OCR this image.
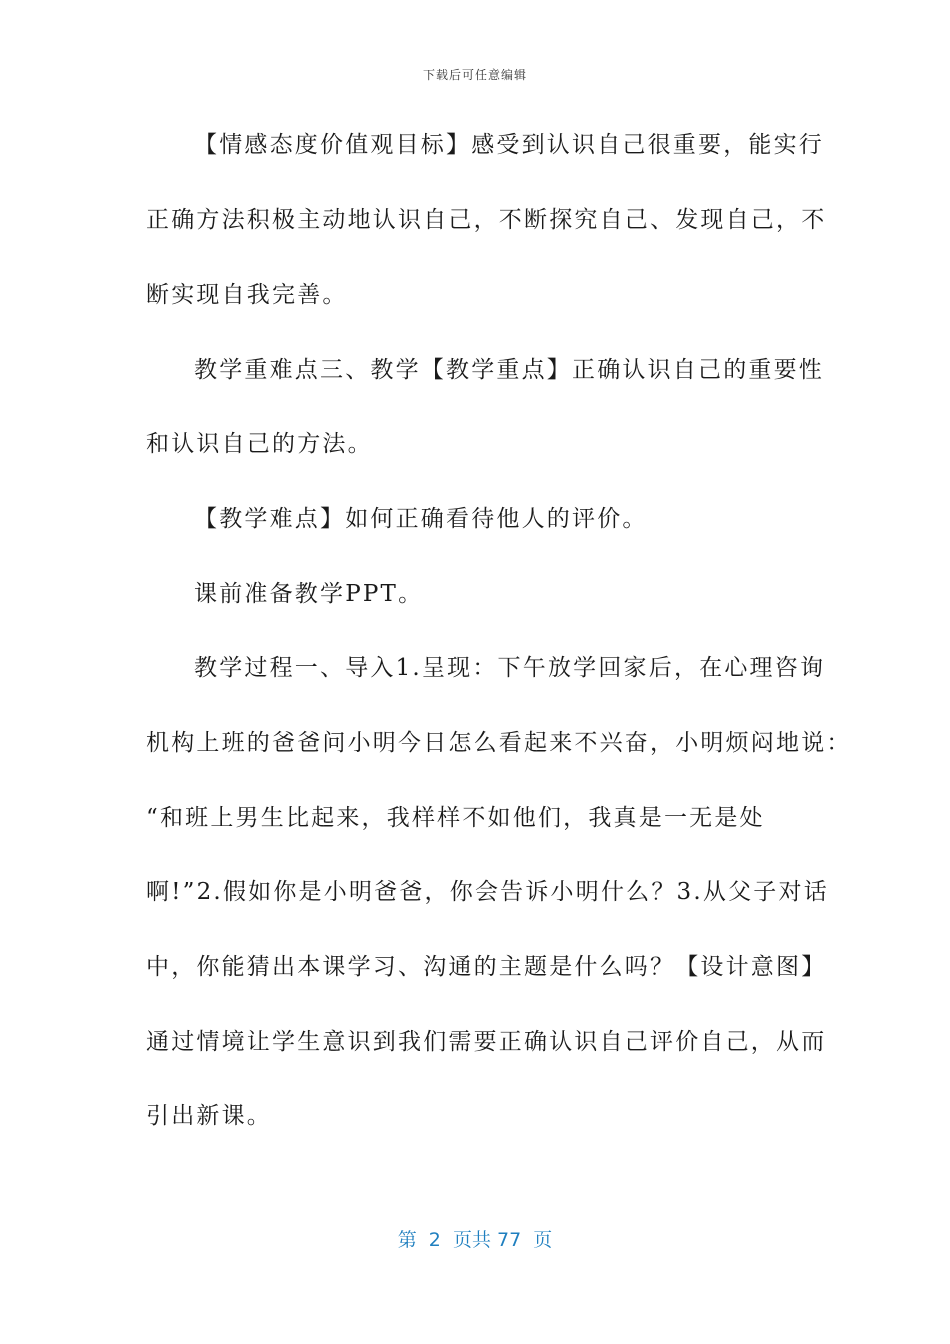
下载后可任意编辑
【情感态度价值观目标】感受到认识自己很重要，能实行
正确方法积极主动地认识自己，不断探究自己、发现自己，不
断实现自我完善。
教学重难点三、教学【教学重点】正确认识自己的重要性
和认识自己的方法。
【教学难点】如何正确看待他人的评价。
课前准备教学PPT。
教学过程一、导入1.呈现：下午放学回家后，在心理咨询
机构上班的爸爸问小明今日怎么看起来不兴奋，小明烦闷地说：
“和班上男生比起来，我样样不如他们，我真是一无是处
啊!”2.假如你是小明爸爸，你会告诉小明什么？3.从父子对话
中，你能猜出本课学习、沟通的主题是什么吗？【设计意图】
通过情境让学生意识到我们需要正确认识自己评价自己，从而
引出新课。
第  2  页共 77  页
